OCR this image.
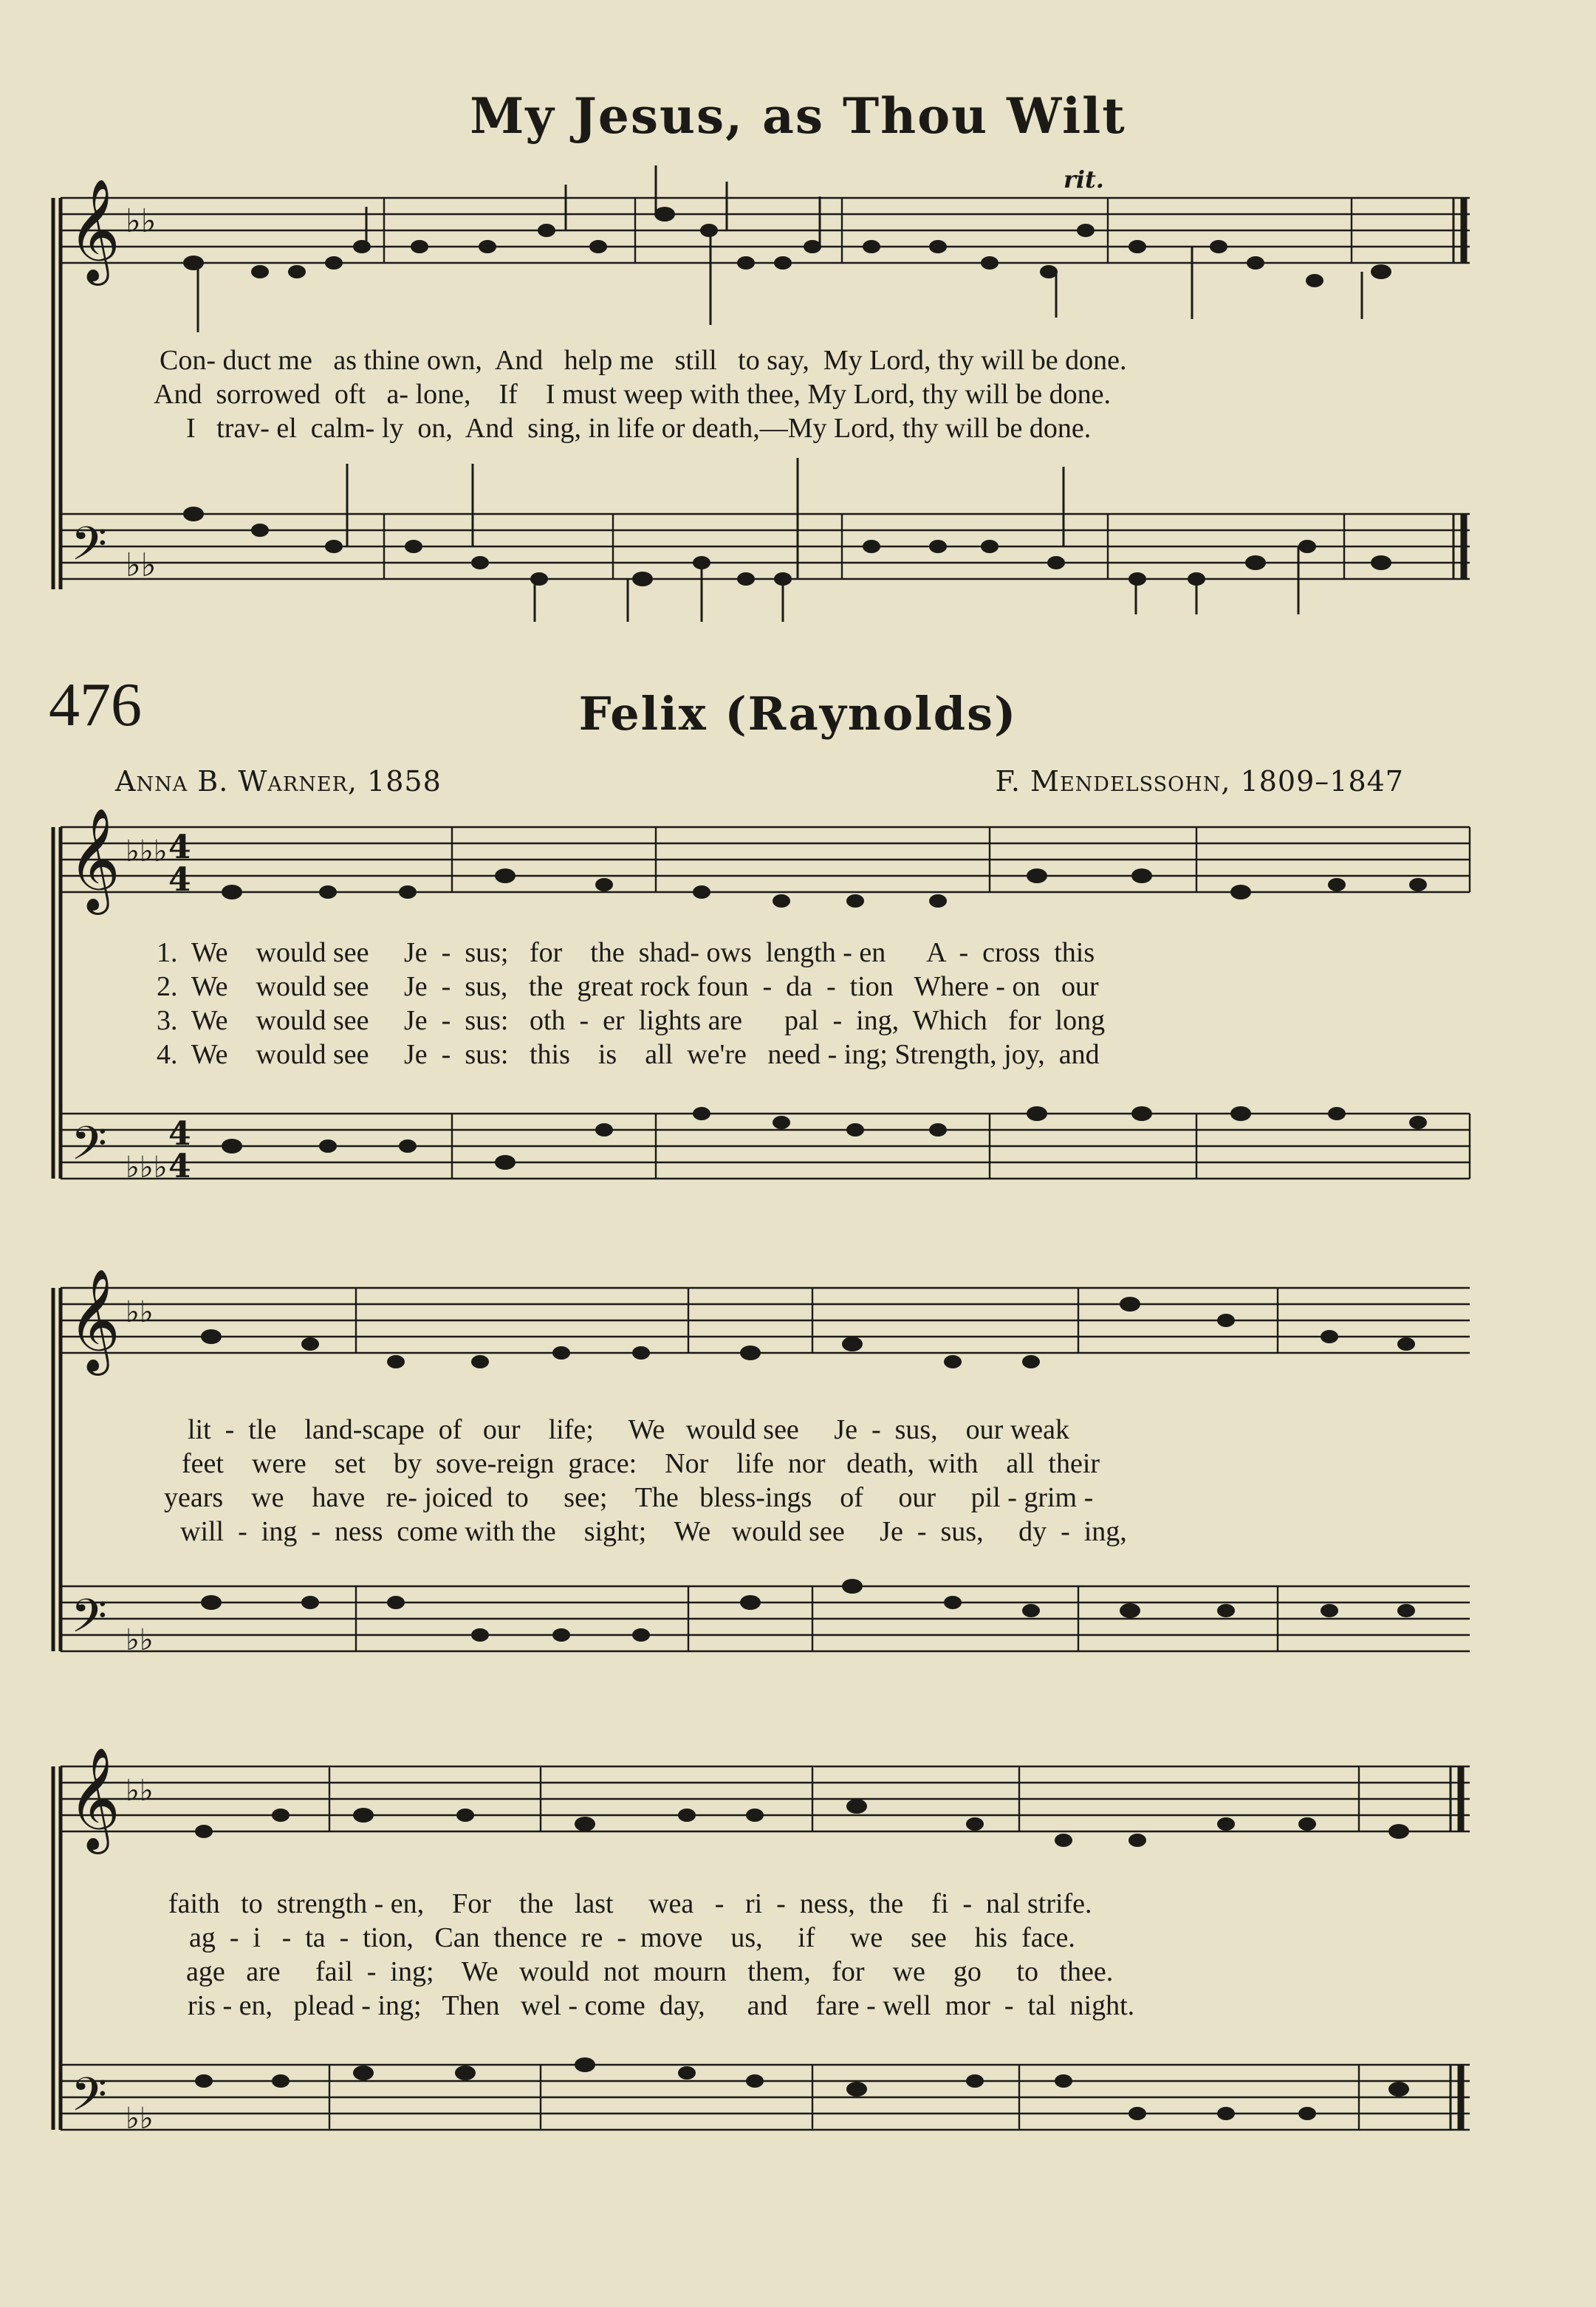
My Jesus, as Thou Wilt
rit.
𝄞 ♭♭
Con- duct me   as thine own,  And   help me   still   to say,  My Lord, thy will be done.
And  sorrowed  oft   a- lone,    If    I must weep with thee, My Lord, thy will be done.
I   trav- el  calm- ly  on,  And  sing, in life or death,—My Lord, thy will be done.
𝄢 ♭♭
476	Felix (Raynolds)
Anna B. Warner, 1858	F. Mendelssohn, 1809–1847
𝄞 ♭♭♭ 4
4
𝄢 ♭♭♭
4
4
1.  We    would see     Je  -  sus;   for    the  shad- ows  length - en      A  -  cross  this
2.  We    would see     Je  -  sus,   the  great rock foun  -  da  -  tion   Where - on   our
3.  We    would see     Je  -  sus:   oth  -  er  lights are      pal  -  ing,  Which   for  long
4.  We    would see     Je  -  sus:   this    is    all  we're   need - ing; Strength, joy,  and
𝄞 ♭♭
𝄢 ♭♭
lit  -  tle    land-scape  of   our    life;     We   would see     Je  -  sus,    our weak
feet    were    set    by  sove-reign  grace:    Nor    life  nor   death,  with    all  their
years    we    have   re- joiced  to     see;    The   bless-ings    of     our     pil - grim -
will  -  ing  -  ness  come with the    sight;    We   would see     Je  -  sus,     dy  -  ing,
𝄞 ♭♭
𝄢 ♭♭
faith   to  strength - en,    For    the   last     wea   -   ri  -  ness,  the    fi  -  nal strife.
ag  -  i   -  ta  -  tion,   Can  thence  re  -  move    us,     if     we    see    his  face.
age   are     fail  -  ing;    We   would  not  mourn   them,   for    we    go     to   thee.
ris - en,   plead - ing;   Then   wel - come  day,      and    fare - well  mor  -  tal  night.
